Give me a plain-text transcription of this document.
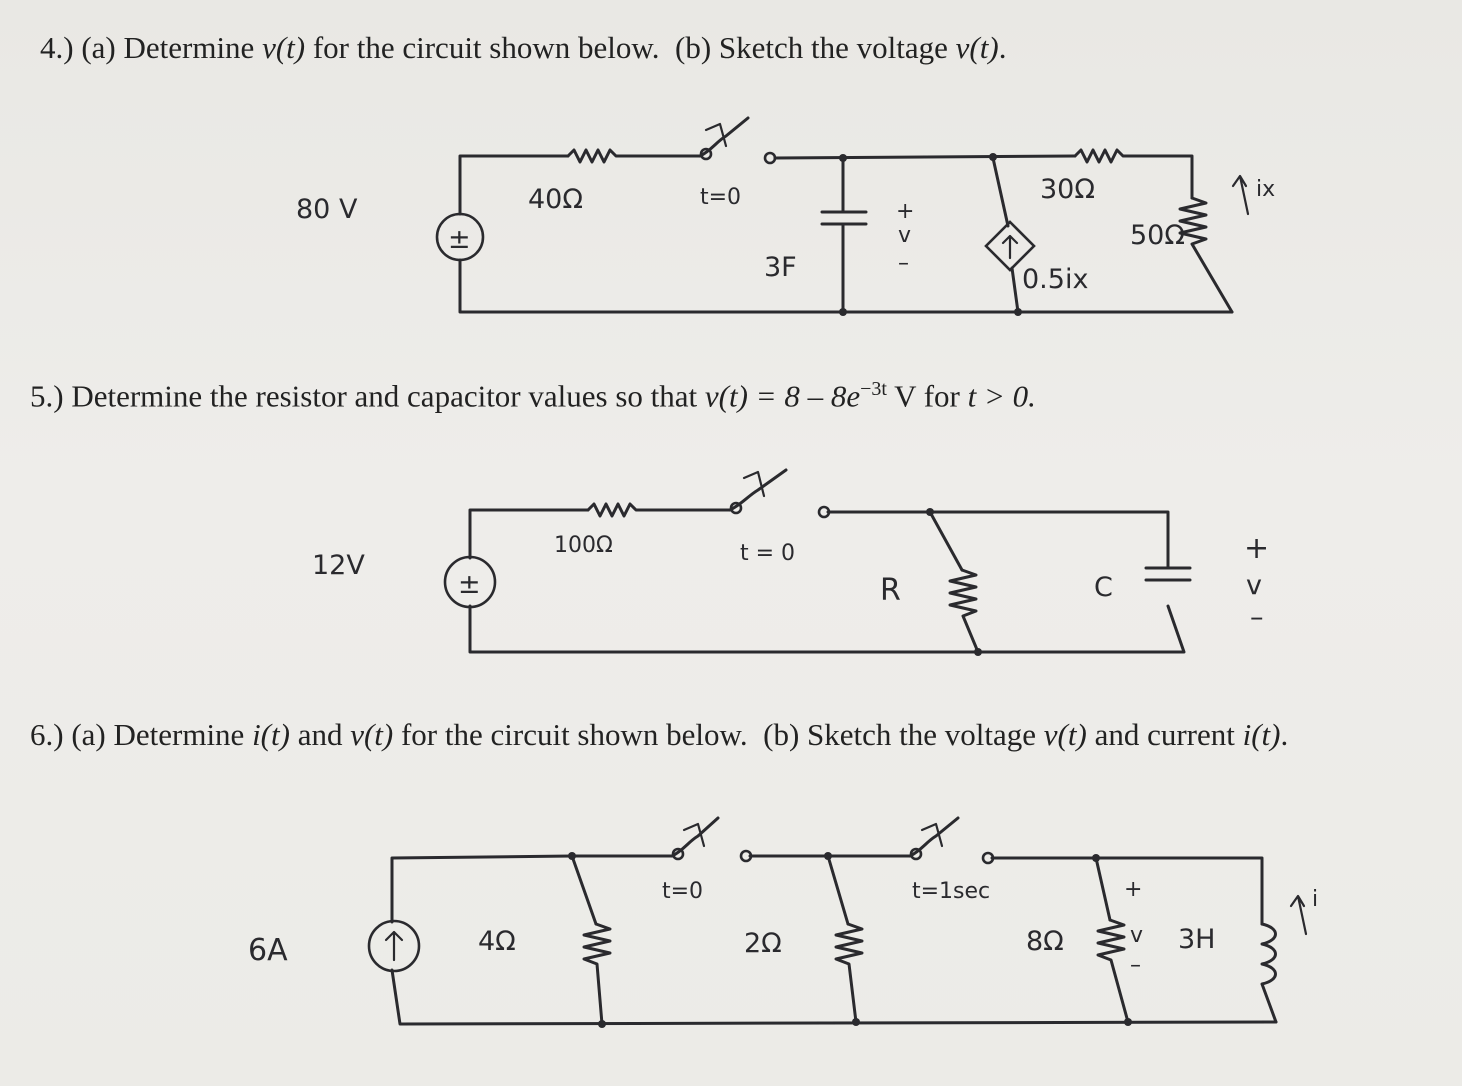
4.) (a) Determine v(t) for the circuit shown below. (b) Sketch the voltage v(t).

5.) Determine the resistor and capacitor values so that $v(t) = 8 - 8e^{-3t}$ V for t > 0.

6.) (a) Determine i(t) and v(t) for the circuit shown below. (b) Sketch the voltage v(t) and current i(t).

±
80 V	40Ω	t=0
3F
+
v
–
0.5ix
30Ω
50Ω
ix
±
12V
100Ω	t = 0
R	C
+
v
–
6A	4Ω
t=0
2Ω
t=1sec
8Ω
+
v
–
3H
i
